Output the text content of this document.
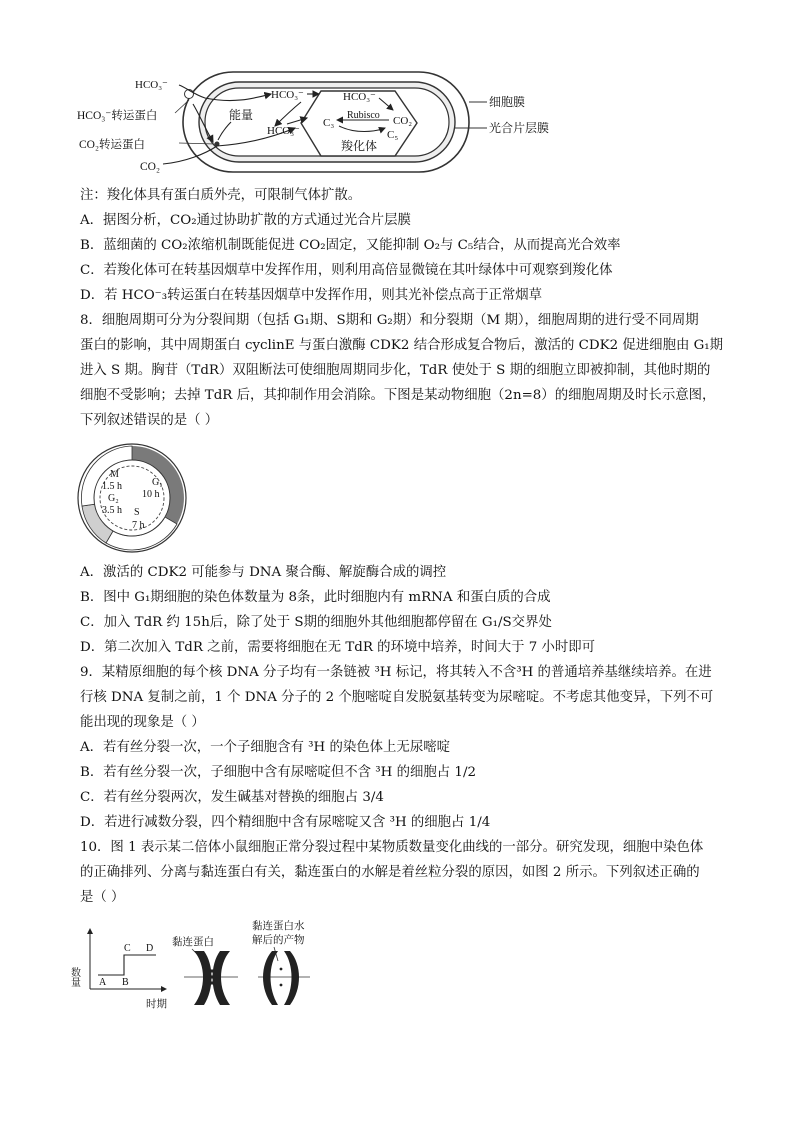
HCO₃⁻
HCO₃⁻转运蛋白
CO₂转运蛋白
CO₂
HCO₃⁻
能量
HCO₃⁻
HCO₃⁻
Rubisco
C₃	CO₂
C₅
羧化体
细胞膜
光合片层膜
注：羧化体具有蛋白质外壳，可限制气体扩散。
A．据图分析，CO₂通过协助扩散的方式通过光合片层膜
B．蓝细菌的 CO₂浓缩机制既能促进 CO₂固定，又能抑制 O₂与 C₅结合，从而提高光合效率
C．若羧化体可在转基因烟草中发挥作用，则利用高倍显微镜在其叶绿体中可观察到羧化体
D．若 HCO⁻₃转运蛋白在转基因烟草中发挥作用，则其光补偿点高于正常烟草
8．细胞周期可分为分裂间期（包括 G₁期、S期和 G₂期）和分裂期（M 期），细胞周期的进行受不同周期
蛋白的影响，其中周期蛋白 cyclinE 与蛋白激酶 CDK2 结合形成复合物后，激活的 CDK2 促进细胞由 G₁期
进入 S 期。胸苷（TdR）双阻断法可使细胞周期同步化，TdR 使处于 S 期的细胞立即被抑制，其他时期的
细胞不受影响；去掉 TdR 后，其抑制作用会消除。下图是某动物细胞（2n=8）的细胞周期及时长示意图，
下列叙述错误的是（ ）
M
1.5 h
G₂
3.5 h
G₁
10 h
S
7 h
A．激活的 CDK2 可能参与 DNA 聚合酶、解旋酶合成的调控
B．图中 G₁期细胞的染色体数量为 8条，此时细胞内有 mRNA 和蛋白质的合成
C．加入 TdR 约 15h后，除了处于 S期的细胞外其他细胞都停留在 G₁/S交界处
D．第二次加入 TdR 之前，需要将细胞在无 TdR 的环境中培养，时间大于 7 小时即可
9．某精原细胞的每个核 DNA 分子均有一条链被 ³H 标记，将其转入不含³H 的普通培养基继续培养。在进
行核 DNA 复制之前，1 个 DNA 分子的 2 个胞嘧啶自发脱氨基转变为尿嘧啶。不考虑其他变异，下列不可
能出现的现象是（ ）
A．若有丝分裂一次，一个子细胞含有 ³H 的染色体上无尿嘧啶
B．若有丝分裂一次，子细胞中含有尿嘧啶但不含 ³H 的细胞占 1/2
C．若有丝分裂两次，发生碱基对替换的细胞占 3/4
D．若进行减数分裂，四个精细胞中含有尿嘧啶又含 ³H 的细胞占 1/4
10．图 1 表示某二倍体小鼠细胞正常分裂过程中某物质数量变化曲线的一部分。研究发现，细胞中染色体
的正确排列、分离与黏连蛋白有关，黏连蛋白的水解是着丝粒分裂的原因，如图 2 所示。下列叙述正确的
是（ ）
数量
时期
A B
C D
黏连蛋白
黏连蛋白水
解后的产物
